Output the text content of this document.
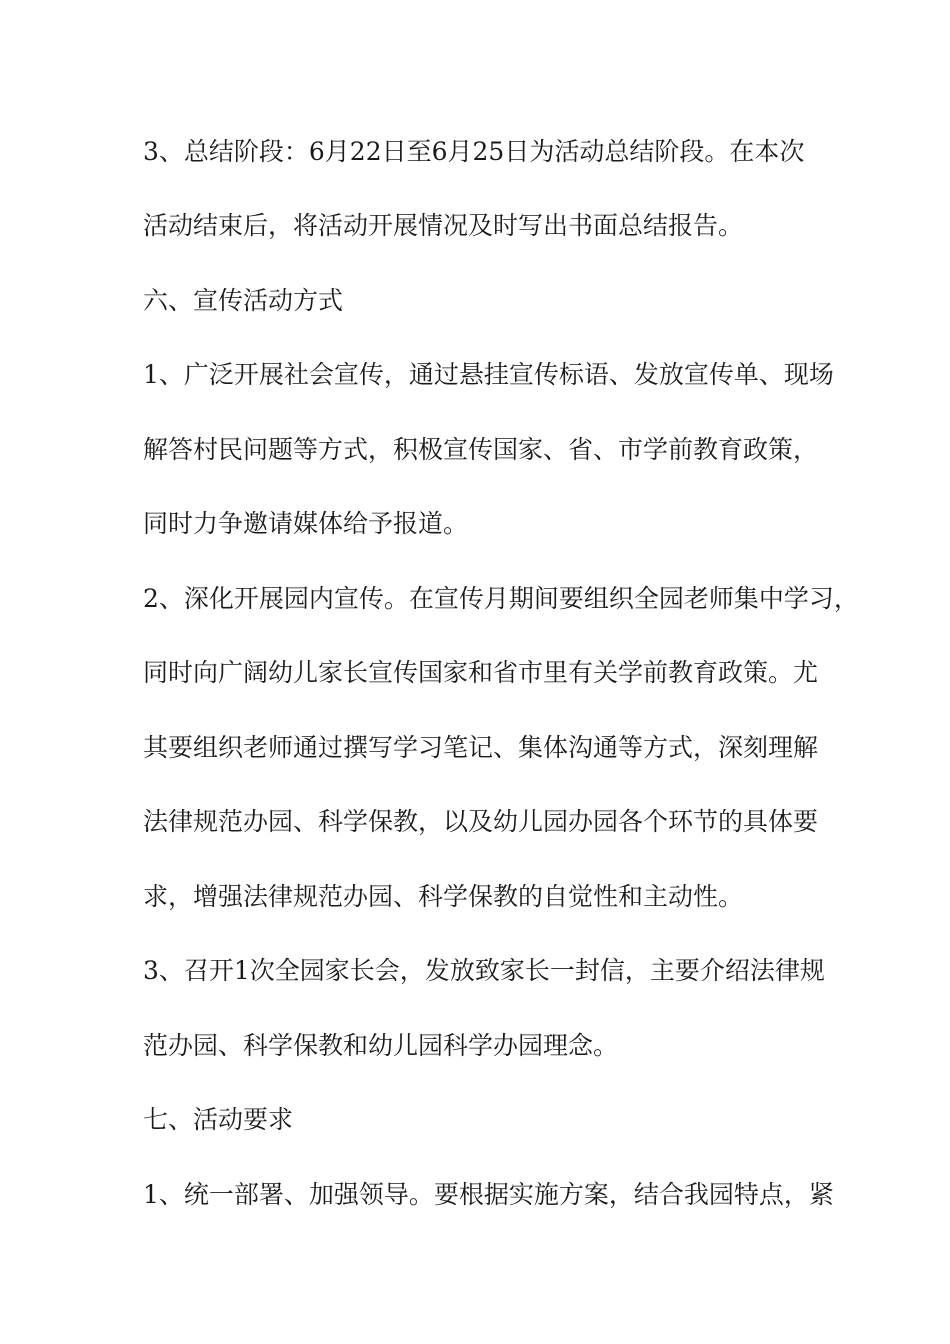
3、总结阶段：6月22日至6月25日为活动总结阶段。在本次
活动结束后，将活动开展情况及时写出书面总结报告。
六、宣传活动方式
1、广泛开展社会宣传，通过悬挂宣传标语、发放宣传单、现场
解答村民问题等方式，积极宣传国家、省、市学前教育政策，
同时力争邀请媒体给予报道。
2、深化开展园内宣传。在宣传月期间要组织全园老师集中学习，
同时向广阔幼儿家长宣传国家和省市里有关学前教育政策。尤
其要组织老师通过撰写学习笔记、集体沟通等方式，深刻理解
法律规范办园、科学保教，以及幼儿园办园各个环节的具体要
求，增强法律规范办园、科学保教的自觉性和主动性。
3、召开1次全园家长会，发放致家长一封信，主要介绍法律规
范办园、科学保教和幼儿园科学办园理念。
七、活动要求
1、统一部署、加强领导。要根据实施方案，结合我园特点，紧
